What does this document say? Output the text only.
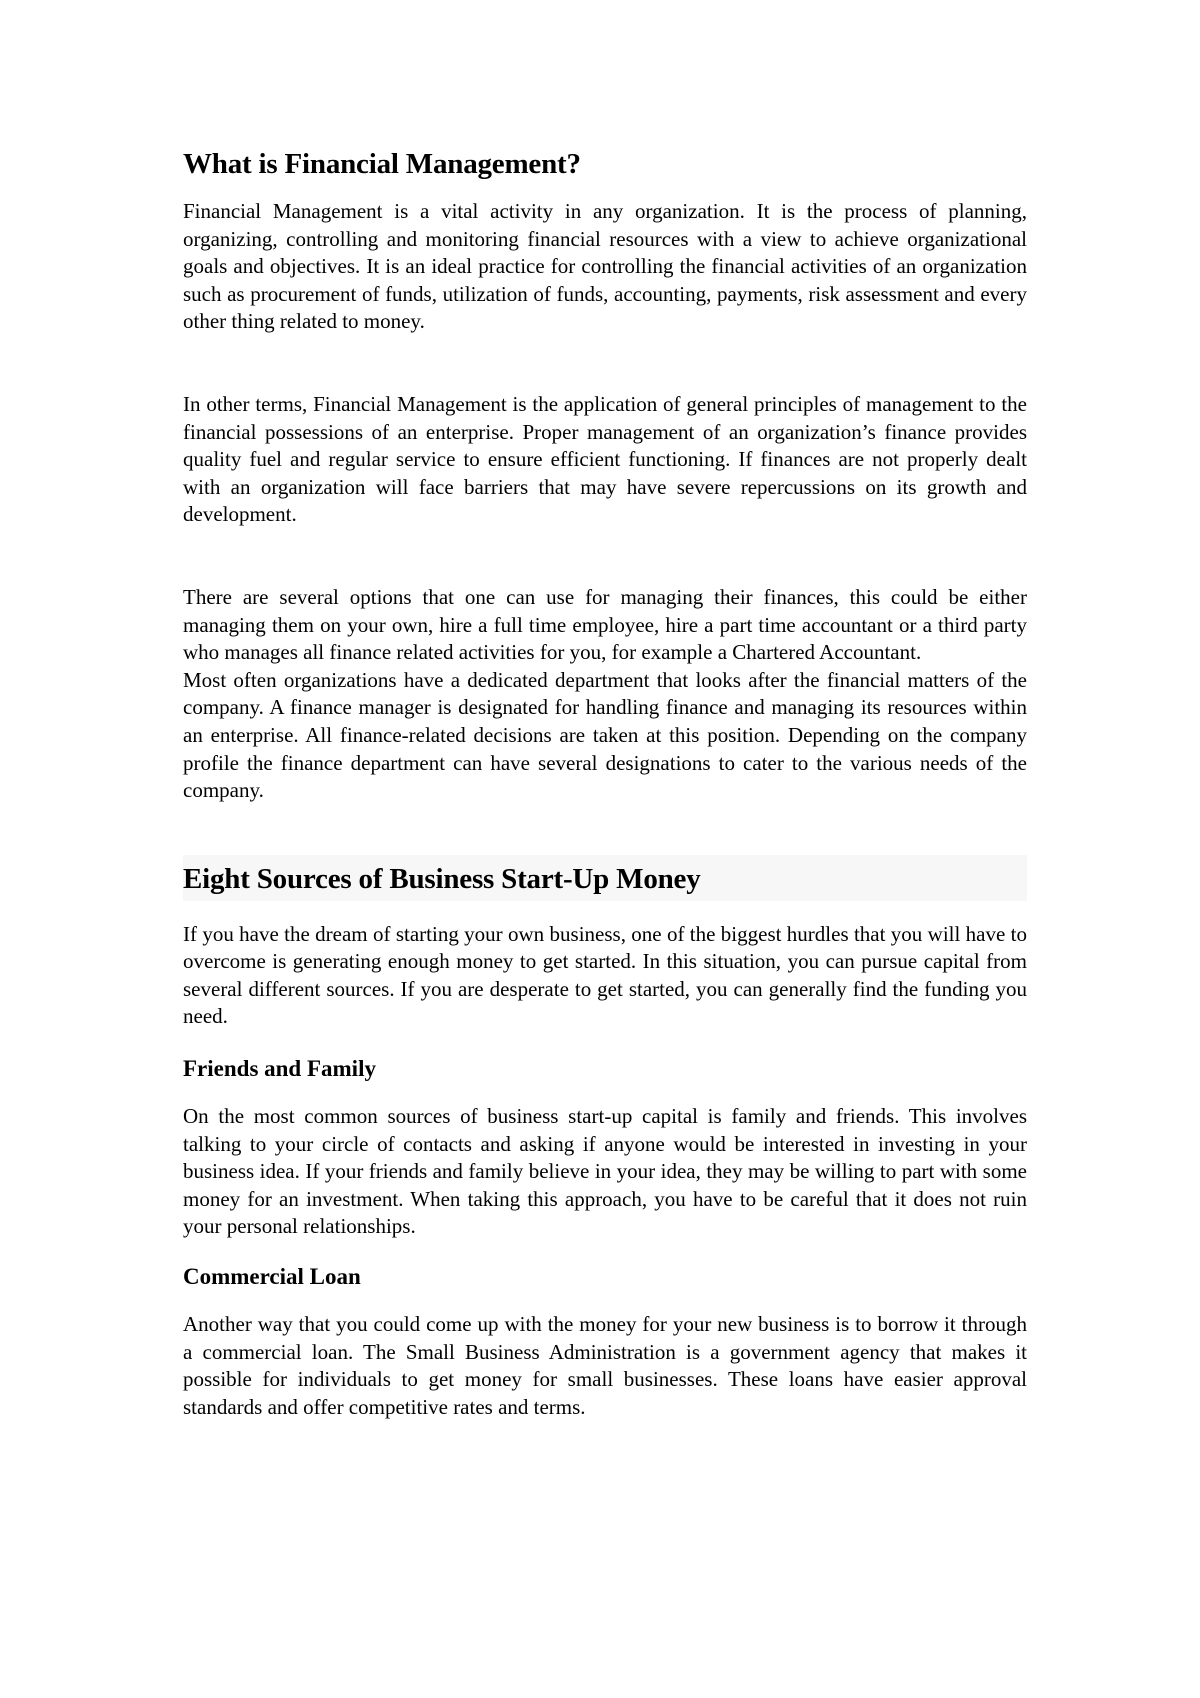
What is Financial Management?

Financial Management is a vital activity in any organization. It is the process of planning, organizing, controlling and monitoring financial resources with a view to achieve organizational goals and objectives. It is an ideal practice for controlling the financial activities of an organization such as procurement of funds, utilization of funds, accounting, payments, risk assessment and every other thing related to money.

In other terms, Financial Management is the application of general principles of management to the financial possessions of an enterprise. Proper management of an organization’s finance provides quality fuel and regular service to ensure efficient functioning. If finances are not properly dealt with an organization will face barriers that may have severe repercussions on its growth and development.

There are several options that one can use for managing their finances, this could be either managing them on your own, hire a full time employee, hire a part time accountant or a third party who manages all finance related activities for you, for example a Chartered Accountant.

Most often organizations have a dedicated department that looks after the financial matters of the company. A finance manager is designated for handling finance and managing its resources within an enterprise. All finance-related decisions are taken at this position. Depending on the company profile the finance department can have several designations to cater to the various needs of the company.

Eight Sources of Business Start-Up Money

If you have the dream of starting your own business, one of the biggest hurdles that you will have to overcome is generating enough money to get started. In this situation, you can pursue capital from several different sources. If you are desperate to get started, you can generally find the funding you need.

Friends and Family

On the most common sources of business start-up capital is family and friends. This involves talking to your circle of contacts and asking if anyone would be interested in investing in your business idea. If your friends and family believe in your idea, they may be willing to part with some money for an investment. When taking this approach, you have to be careful that it does not ruin your personal relationships.

Commercial Loan

Another way that you could come up with the money for your new business is to borrow it through a commercial loan. The Small Business Administration is a government agency that makes it possible for individuals to get money for small businesses. These loans have easier approval standards and offer competitive rates and terms.
